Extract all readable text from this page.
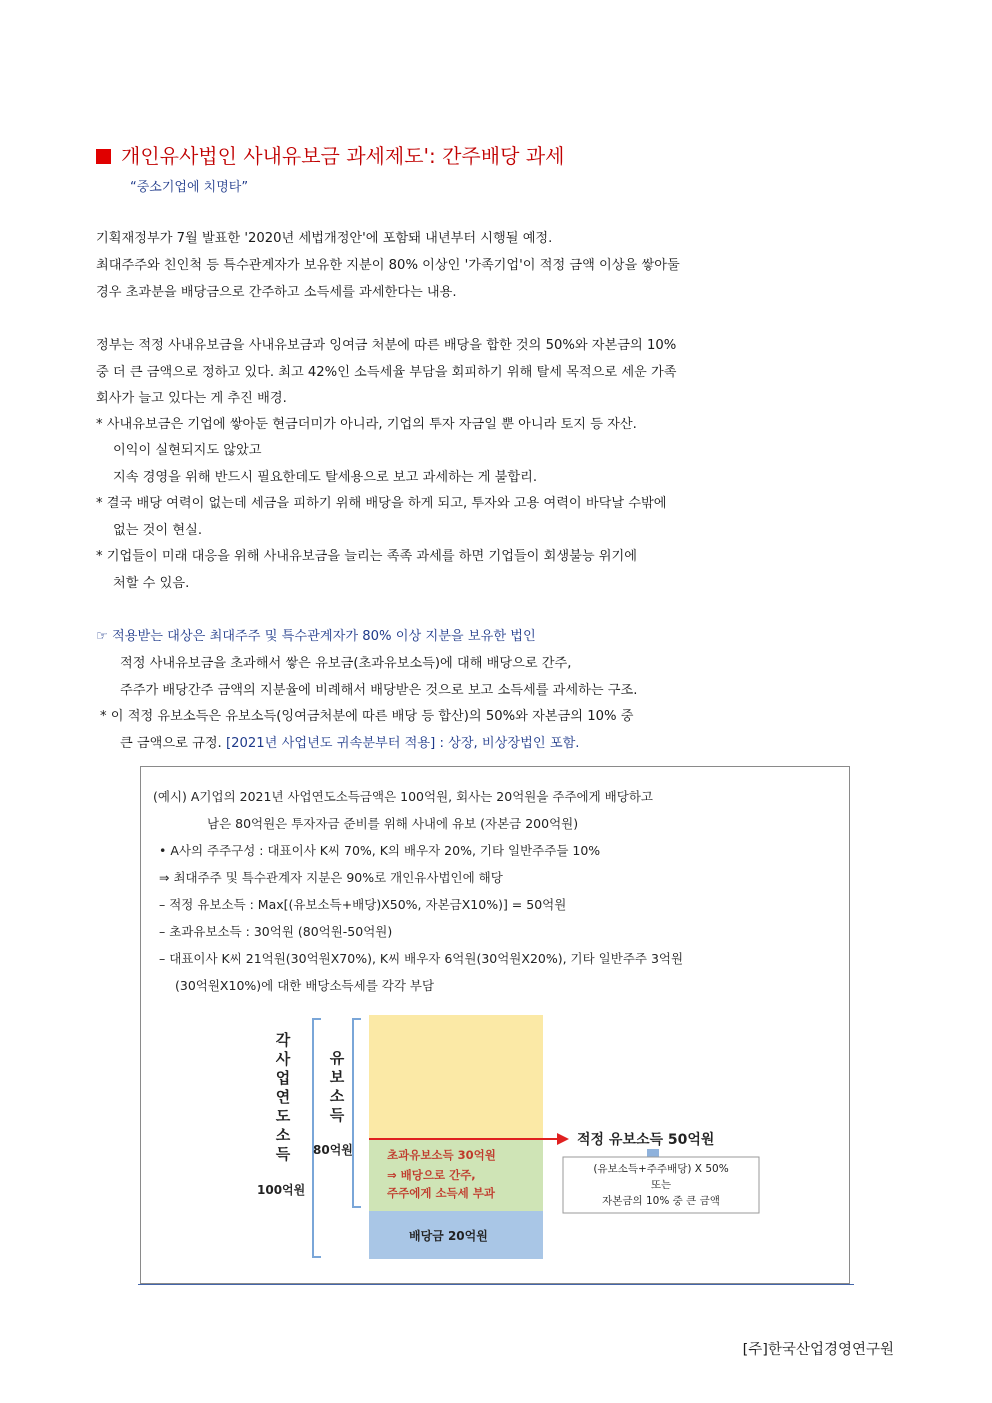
개인유사법인 사내유보금 과세제도': 간주배당 과세
“중소기업에 치명타”
기획재정부가 7월 발표한 '2020년 세법개정안'에 포함돼 내년부터 시행될 예정.
최대주주와 친인척 등 특수관계자가 보유한 지분이 80% 이상인 '가족기업'이 적정 금액 이상을 쌓아둘
경우 초과분을 배당금으로 간주하고 소득세를 과세한다는 내용.
정부는 적정 사내유보금을 사내유보금과 잉여금 처분에 따른 배당을 합한 것의 50%와 자본금의 10%
중 더 큰 금액으로 정하고 있다. 최고 42%인 소득세율 부담을 회피하기 위해 탈세 목적으로 세운 가족
회사가 늘고 있다는 게 추진 배경.
* 사내유보금은 기업에 쌓아둔 현금더미가 아니라, 기업의 투자 자금일 뿐 아니라 토지 등 자산.
이익이 실현되지도 않았고
지속 경영을 위해 반드시 필요한데도 탈세용으로 보고 과세하는 게 불합리.
* 결국 배당 여력이 없는데 세금을 피하기 위해 배당을 하게 되고, 투자와 고용 여력이 바닥날 수밖에
없는 것이 현실.
* 기업들이 미래 대응을 위해 사내유보금을 늘리는 족족 과세를 하면 기업들이 회생불능 위기에
처할 수 있음.
☞ 적용받는 대상은 최대주주 및 특수관계자가 80% 이상 지분을 보유한 법인
적정 사내유보금을 초과해서 쌓은 유보금(초과유보소득)에 대해 배당으로 간주,
주주가 배당간주 금액의 지분율에 비례해서 배당받은 것으로 보고 소득세를 과세하는 구조.
* 이 적정 유보소득은 유보소득(잉여금처분에 따른 배당 등 합산)의 50%와 자본금의 10% 중
큰 금액으로 규정. [2021년 사업년도 귀속분부터 적용] : 상장, 비상장법인 포함.
(예시) A기업의 2021년 사업연도소득금액은 100억원, 회사는 20억원을 주주에게 배당하고
남은 80억원은 투자자금 준비를 위해 사내에 유보 (자본금 200억원)
• A사의 주주구성 : 대표이사 K씨 70%, K의 배우자 20%, 기타 일반주주들 10%
⇒ 최대주주 및 특수관계자 지분은 90%로 개인유사법인에 해당
– 적정 유보소득 : Max[(유보소득+배당)X50%, 자본금X10%)] = 50억원
– 초과유보소득 : 30억원 (80억원-50억원)
– 대표이사 K씨 21억원(30억원X70%), K씨 배우자 6억원(30억원X20%), 기타 일반주주 3억원
(30억원X10%)에 대한 배당소득세를 각각 부담
각사업연도소득
100억원
유보소득
80억원	초과유보소득 30억원
⇒ 배당으로 간주,
주주에게 소득세 부과
배당금 20억원
적정 유보소득 50억원
(유보소득+주주배당) X 50%
또는
자본금의 10% 중 큰 금액
[주]한국산업경영연구원
